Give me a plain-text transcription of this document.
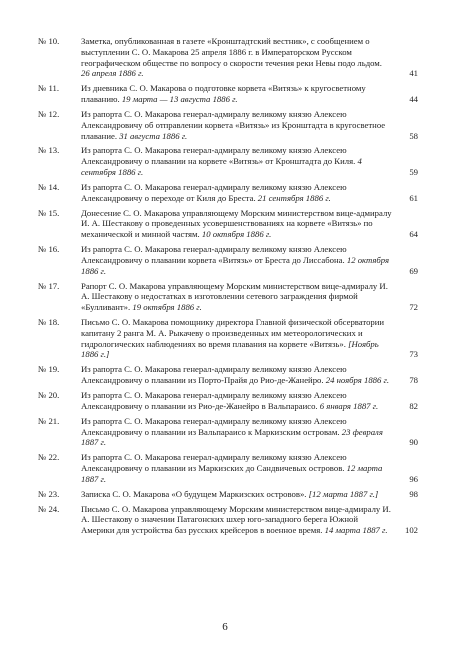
№ 10. Заметка, опубликованная в газете «Кронштадтский вестник», с сообщением о выступлении С. О. Макарова 25 апреля 1886 г. в Императорском Русском географическом обществе по вопросу о скорости течения реки Невы подо льдом. 26 апреля 1886 г.	41
№ 11.	Из дневника С. О. Макарова о подготовке корвета «Витязь» к кругосветному плаванию. 19 марта — 13 августа 1886 г.	44
№ 12. Из рапорта С. О. Макарова генерал-адмиралу великому князю Алексею Александровичу об отправлении корвета «Витязь» из Кронштадта в кругосветное плавание. 31 августа 1886 г.	58
№ 13. Из рапорта С. О. Макарова генерал-адмиралу великому князю Алексею Александровичу о плавании на корвете «Витязь» от Кронштадта до Киля. 4 сентября 1886 г.	59
№ 14. Из рапорта С. О. Макарова генерал-адмиралу великому князю Алексею Александровичу о переходе от Киля до Бреста. 21 сентября 1886 г.	61
№ 15. Донесение С. О. Макарова управляющему Морским министерством вице-адмиралу И. А. Шестакову о проведенных усовершенствованиях на корвете «Витязь» по механической и минной частям. 10 октября 1886 г.	64
№ 16. Из рапорта С. О. Макарова генерал-адмиралу великому князю Алексею Александровичу о плавании корвета «Витязь» от Бреста до Лиссабона. 12 октября 1886 г.	69
№ 17. Рапорт С. О. Макарова управляющему Морским министерством вице-адмиралу И. А. Шестакову о недостатках в изготовлении сетевого заграждения фирмой «Булливант». 19 октября 1886 г.	72
№ 18. Письмо С. О. Макарова помощнику директора Главной физической обсерватории капитану 2 ранга М. А. Рыкачеву о произведенных им метеорологических и гидрологических наблюдениях во время плавания на корвете «Витязь». [Ноябрь 1886 г.]	73
№ 19. Из рапорта С. О. Макарова генерал-адмиралу великому князю Алексею Александровичу о плавании из Порто-Прайя до Рио-де-Жанейро. 24 ноября 1886 г.	78
№ 20. Из рапорта С. О. Макарова генерал-адмиралу великому князю Алексею Александровичу о плавании из Рио-де-Жанейро в Вальпараисо. 6 января 1887 г.	82
№ 21. Из рапорта С. О. Макарова генерал-адмиралу великому князю Алексею Александровичу о плавании из Вальпараисо к Маркизским островам. 23 февраля 1887 г.	90
№ 22. Из рапорта С. О. Макарова генерал-адмиралу великому князю Алексею Александровичу о плавании из Маркизских до Сандвичевых островов. 12 марта 1887 г.	96
№ 23. Записка С. О. Макарова «О будущем Маркизских островов». [12 марта 1887 г.]	98
№ 24. Письмо С. О. Макарова управляющему Морским министерством вице-адмиралу И. А. Шестакову о значении Патагонских шхер юго-западного берега Южной Америки для устройства баз русских крейсеров в военное время. 14 марта 1887 г.	102
6
